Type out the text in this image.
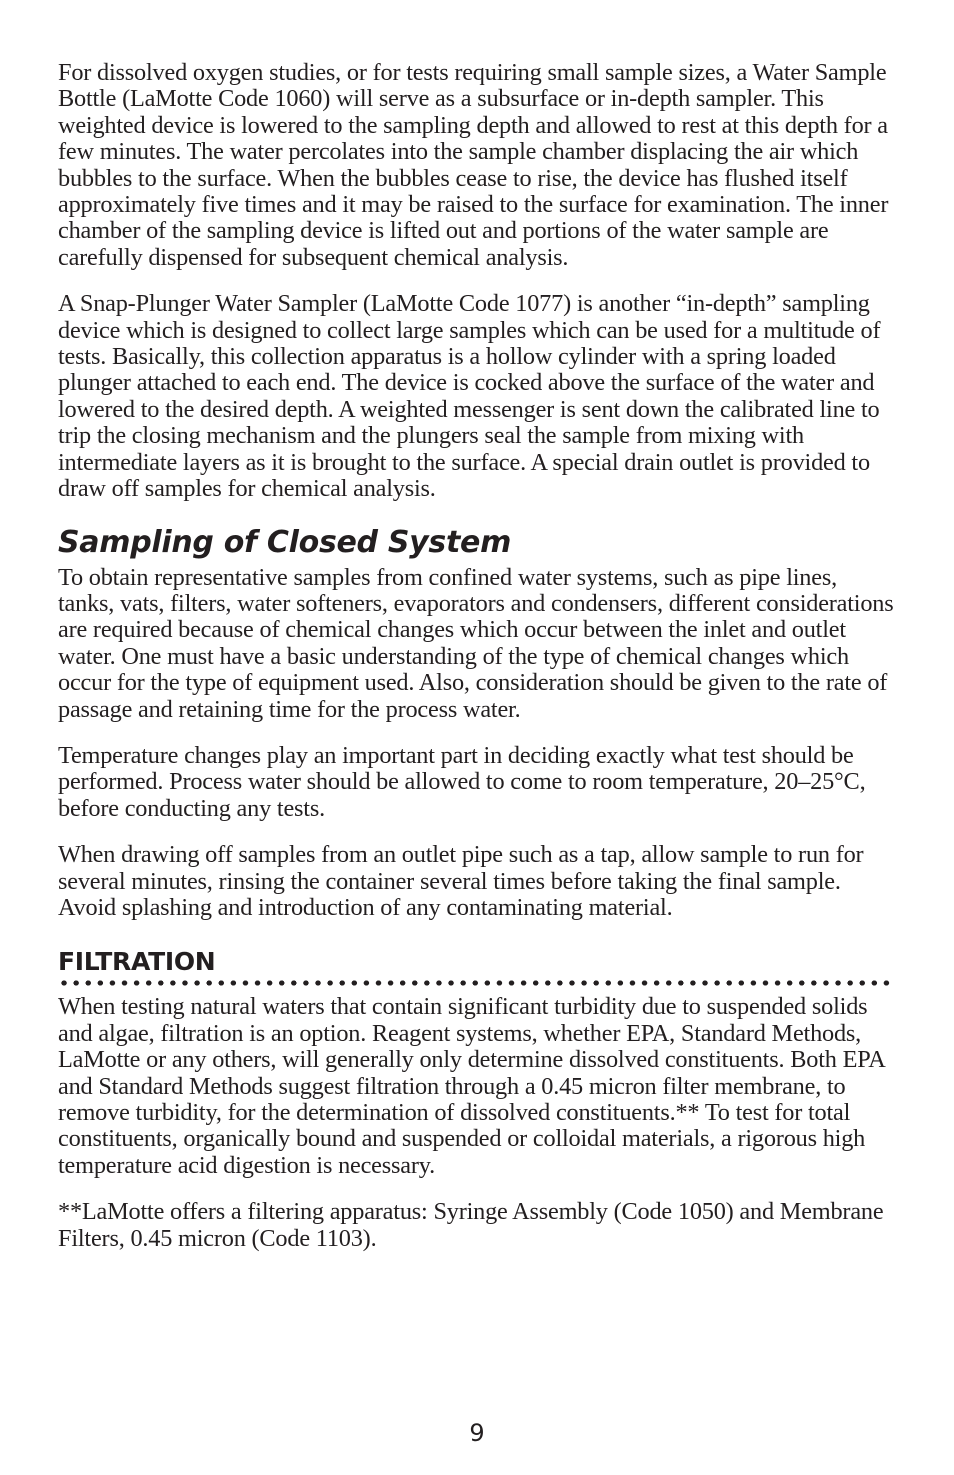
For dissolved oxygen studies, or for tests requiring small sample sizes, a Water Sample Bottle (LaMotte Code 1060) will serve as a subsurface or in-depth sampler. This weighted device is lowered to the sampling depth and allowed to rest at this depth for a few minutes. The water percolates into the sample chamber displacing the air which bubbles to the surface. When the bubbles cease to rise, the device has flushed itself approximately five times and it may be raised to the surface for examination. The inner chamber of the sampling device is lifted out and portions of the water sample are carefully dispensed for subsequent chemical analysis.

A Snap-Plunger Water Sampler (LaMotte Code 1077) is another “in-depth” sampling device which is designed to collect large samples which can be used for a multitude of tests. Basically, this collection apparatus is a hollow cylinder with a spring loaded plunger attached to each end. The device is cocked above the surface of the water and lowered to the desired depth. A weighted messenger is sent down the calibrated line to trip the closing mechanism and the plungers seal the sample from mixing with intermediate layers as it is brought to the surface. A special drain outlet is provided to draw off samples for chemical analysis.

Sampling of Closed System

To obtain representative samples from confined water systems, such as pipe lines, tanks, vats, filters, water softeners, evaporators and condensers, different considerations are required because of chemical changes which occur between the inlet and outlet water. One must have a basic understanding of the type of chemical changes which occur for the type of equipment used. Also, consideration should be given to the rate of passage and retaining time for the process water.

Temperature changes play an important part in deciding exactly what test should be performed. Process water should be allowed to come to room temperature, 20–25°C, before conducting any tests.

When drawing off samples from an outlet pipe such as a tap, allow sample to run for several minutes, rinsing the container several times before taking the final sample. Avoid splashing and introduction of any contaminating material.

FILTRATION

When testing natural waters that contain significant turbidity due to suspended solids and algae, filtration is an option. Reagent systems, whether EPA, Standard Methods, LaMotte or any others, will generally only determine dissolved constituents. Both EPA and Standard Methods suggest filtration through a 0.45 micron filter membrane, to remove turbidity, for the determination of dissolved constituents.** To test for total constituents, organically bound and suspended or colloidal materials, a rigorous high temperature acid digestion is necessary.

**LaMotte offers a filtering apparatus: Syringe Assembly (Code 1050) and Membrane Filters, 0.45 micron (Code 1103).

9
